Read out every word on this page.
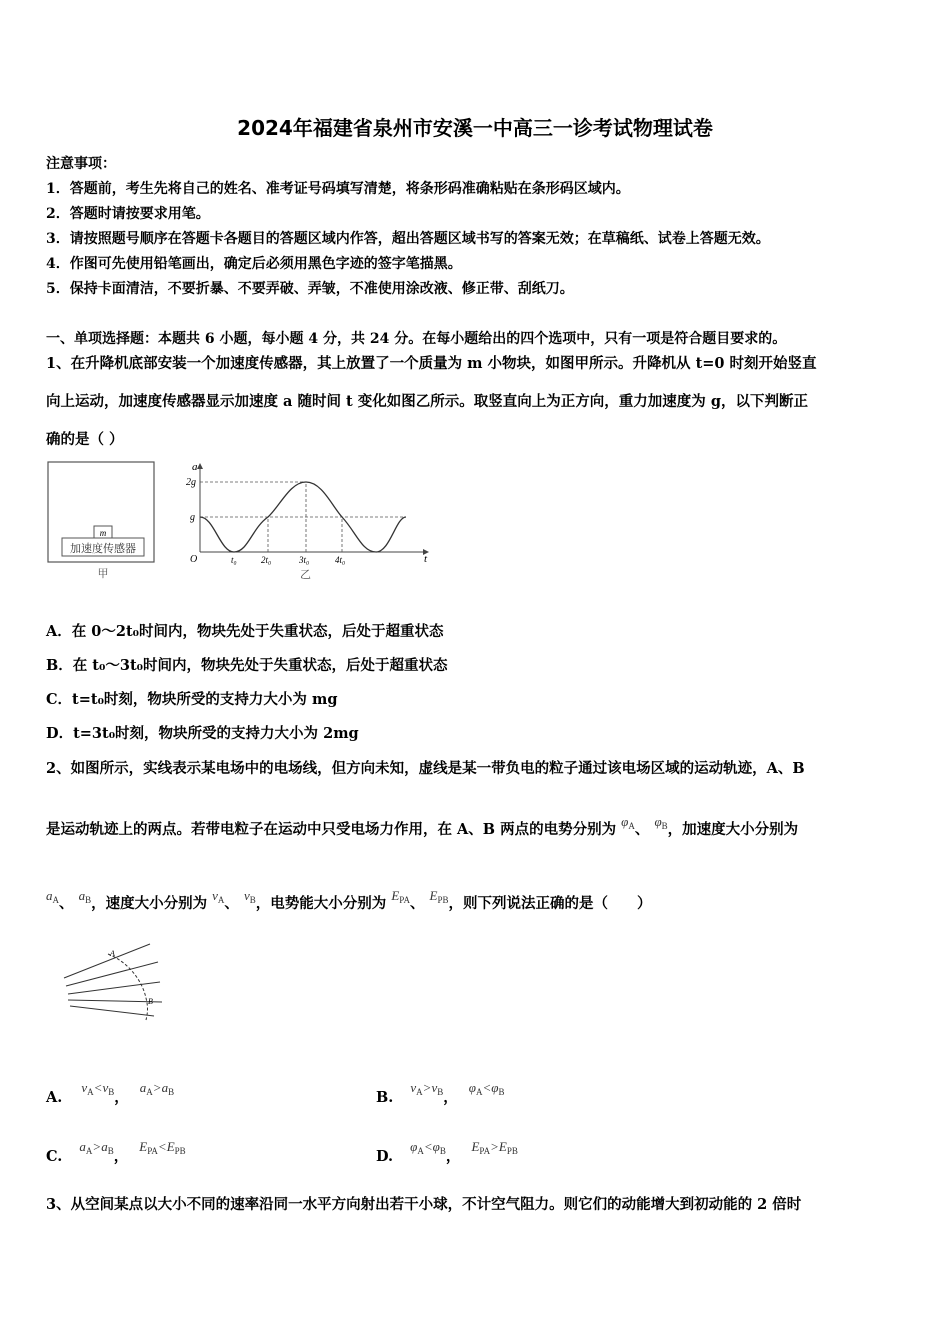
2024年福建省泉州市安溪一中高三一诊考试物理试卷
注意事项：
1．答题前，考生先将自己的姓名、准考证号码填写清楚，将条形码准确粘贴在条形码区域内。
2．答题时请按要求用笔。
3．请按照题号顺序在答题卡各题目的答题区域内作答，超出答题区域书写的答案无效；在草稿纸、试卷上答题无效。
4．作图可先使用铅笔画出，确定后必须用黑色字迹的签字笔描黑。
5．保持卡面清洁，不要折暴、不要弄破、弄皱，不准使用涂改液、修正带、刮纸刀。
一、单项选择题：本题共 6 小题，每小题 4 分，共 24 分。在每小题给出的四个选项中，只有一项是符合题目要求的。
1、在升降机底部安装一个加速度传感器，其上放置了一个质量为 m 小物块，如图甲所示。升降机从 t=0 时刻开始竖直
向上运动，加速度传感器显示加速度 a 随时间 t 变化如图乙所示。取竖直向上为正方向，重力加速度为 g，以下判断正
确的是（ ）
m
加速度传感器
甲
a
t
O
2g
g
t₀	2t₀	3t₀	4t₀
乙
A．在 0～2t₀时间内，物块先处于失重状态，后处于超重状态
B．在 t₀～3t₀时间内，物块先处于失重状态，后处于超重状态
C．t=t₀时刻，物块所受的支持力大小为 mg
D．t=3t₀时刻，物块所受的支持力大小为 2mg
2、如图所示，实线表示某电场中的电场线，但方向未知，虚线是某一带负电的粒子通过该电场区域的运动轨迹，A、B
是运动轨迹上的两点。若带电粒子在运动中只受电场力作用，在 A、B 两点的电势分别为 $\varphi_A$、 $\varphi_B$，加速度大小分别为
$a_A$、 $a_B$，速度大小分别为 $v_A$、 $v_B$，电势能大小分别为 $E_{PA}$、 $E_{PB}$，则下列说法正确的是（　　）
A
B
A. $v_A<v_B$， $a_A>a_B$	B. $v_A>v_B$， $\varphi_A<\varphi_B$
C. $a_A>a_B$， $E_{PA}<E_{PB}$	D. $\varphi_A<\varphi_B$， $E_{PA}>E_{PB}$
3、从空间某点以大小不同的速率沿同一水平方向射出若干小球，不计空气阻力。则它们的动能增大到初动能的 2 倍时
